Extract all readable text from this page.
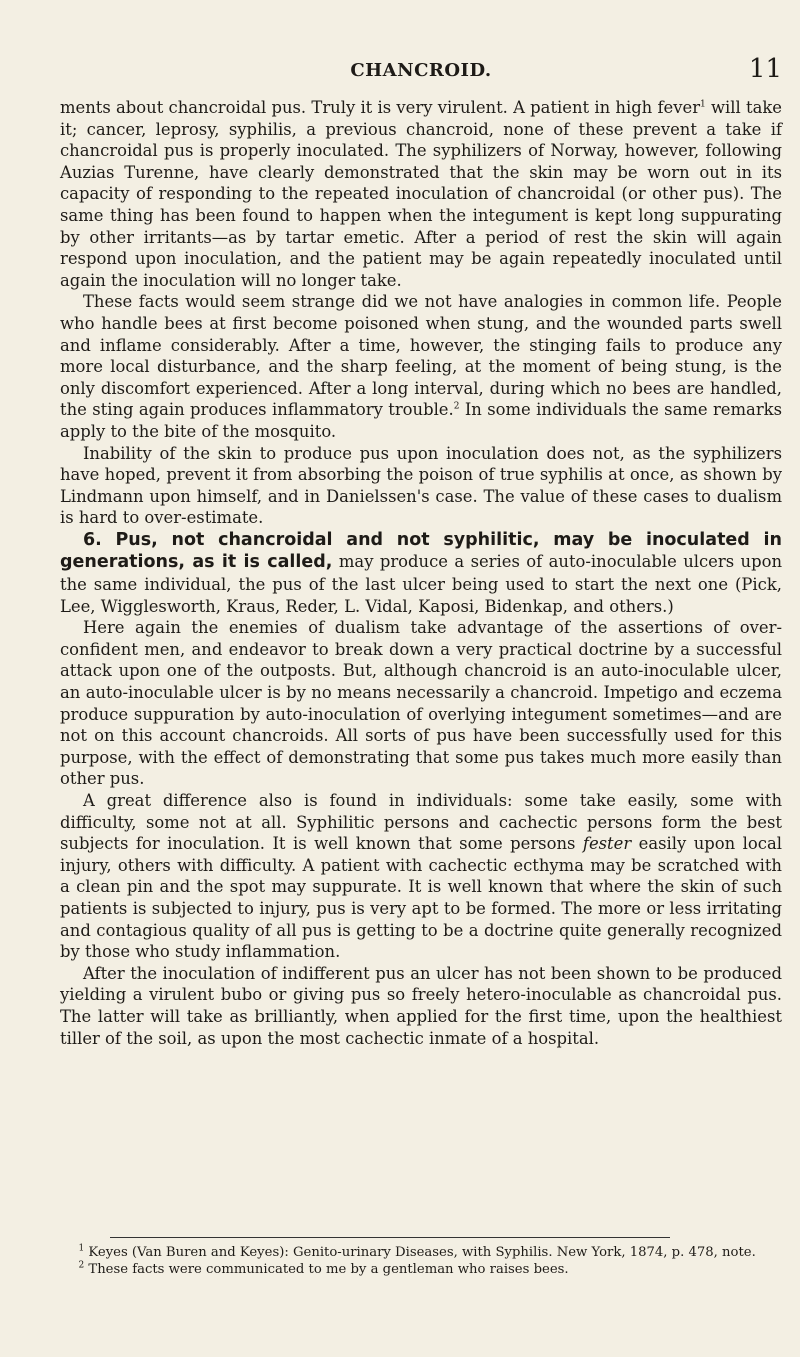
CHANCROID.	11

ments about chancroidal pus. Truly it is very virulent. A patient in high fever$^1$ will take it; cancer, leprosy, syphilis, a previous chancroid, none of these prevent a take if chancroidal pus is properly inoculated. The syphilizers of Norway, however, following Auzias Turenne, have clearly demonstrated that the skin may be worn out in its capacity of responding to the repeated inoculation of chancroidal (or other pus). The same thing has been found to happen when the integument is kept long suppurating by other irritants—as by tartar emetic. After a period of rest the skin will again respond upon inoculation, and the patient may be again repeatedly inoculated until again the inoculation will no longer take.

These facts would seem strange did we not have analogies in common life. People who handle bees at first become poisoned when stung, and the wounded parts swell and inflame considerably. After a time, however, the stinging fails to produce any more local disturbance, and the sharp feeling, at the moment of being stung, is the only discomfort experienced. After a long interval, during which no bees are handled, the sting again produces inflammatory trouble.$^2$ In some individuals the same remarks apply to the bite of the mosquito.

Inability of the skin to produce pus upon inoculation does not, as the syphilizers have hoped, prevent it from absorbing the poison of true syphilis at once, as shown by Lindmann upon himself, and in Danielssen's case. The value of these cases to dualism is hard to over-estimate.

6. Pus, not chancroidal and not syphilitic, may be inoculated in generations, as it is called, may produce a series of auto-inoculable ulcers upon the same individual, the pus of the last ulcer being used to start the next one (Pick, Lee, Wigglesworth, Kraus, Reder, L. Vidal, Kaposi, Bidenkap, and others.)

Here again the enemies of dualism take advantage of the assertions of over-confident men, and endeavor to break down a very practical doctrine by a successful attack upon one of the outposts. But, although chancroid is an auto-inoculable ulcer, an auto-inoculable ulcer is by no means necessarily a chancroid. Impetigo and eczema produce suppuration by auto-inoculation of overlying integument sometimes—and are not on this account chancroids. All sorts of pus have been successfully used for this purpose, with the effect of demonstrating that some pus takes much more easily than other pus.

A great difference also is found in individuals: some take easily, some with difficulty, some not at all. Syphilitic persons and cachectic persons form the best subjects for inoculation. It is well known that some persons fester easily upon local injury, others with difficulty. A patient with cachectic ecthyma may be scratched with a clean pin and the spot may suppurate. It is well known that where the skin of such patients is subjected to injury, pus is very apt to be formed. The more or less irritating and contagious quality of all pus is getting to be a doctrine quite generally recognized by those who study inflammation.

After the inoculation of indifferent pus an ulcer has not been shown to be produced yielding a virulent bubo or giving pus so freely hetero-inoculable as chancroidal pus. The latter will take as brilliantly, when applied for the first time, upon the healthiest tiller of the soil, as upon the most cachectic inmate of a hospital.

$^1$ Keyes (Van Buren and Keyes): Genito-urinary Diseases, with Syphilis. New York, 1874, p. 478, note.

$^2$ These facts were communicated to me by a gentleman who raises bees.
